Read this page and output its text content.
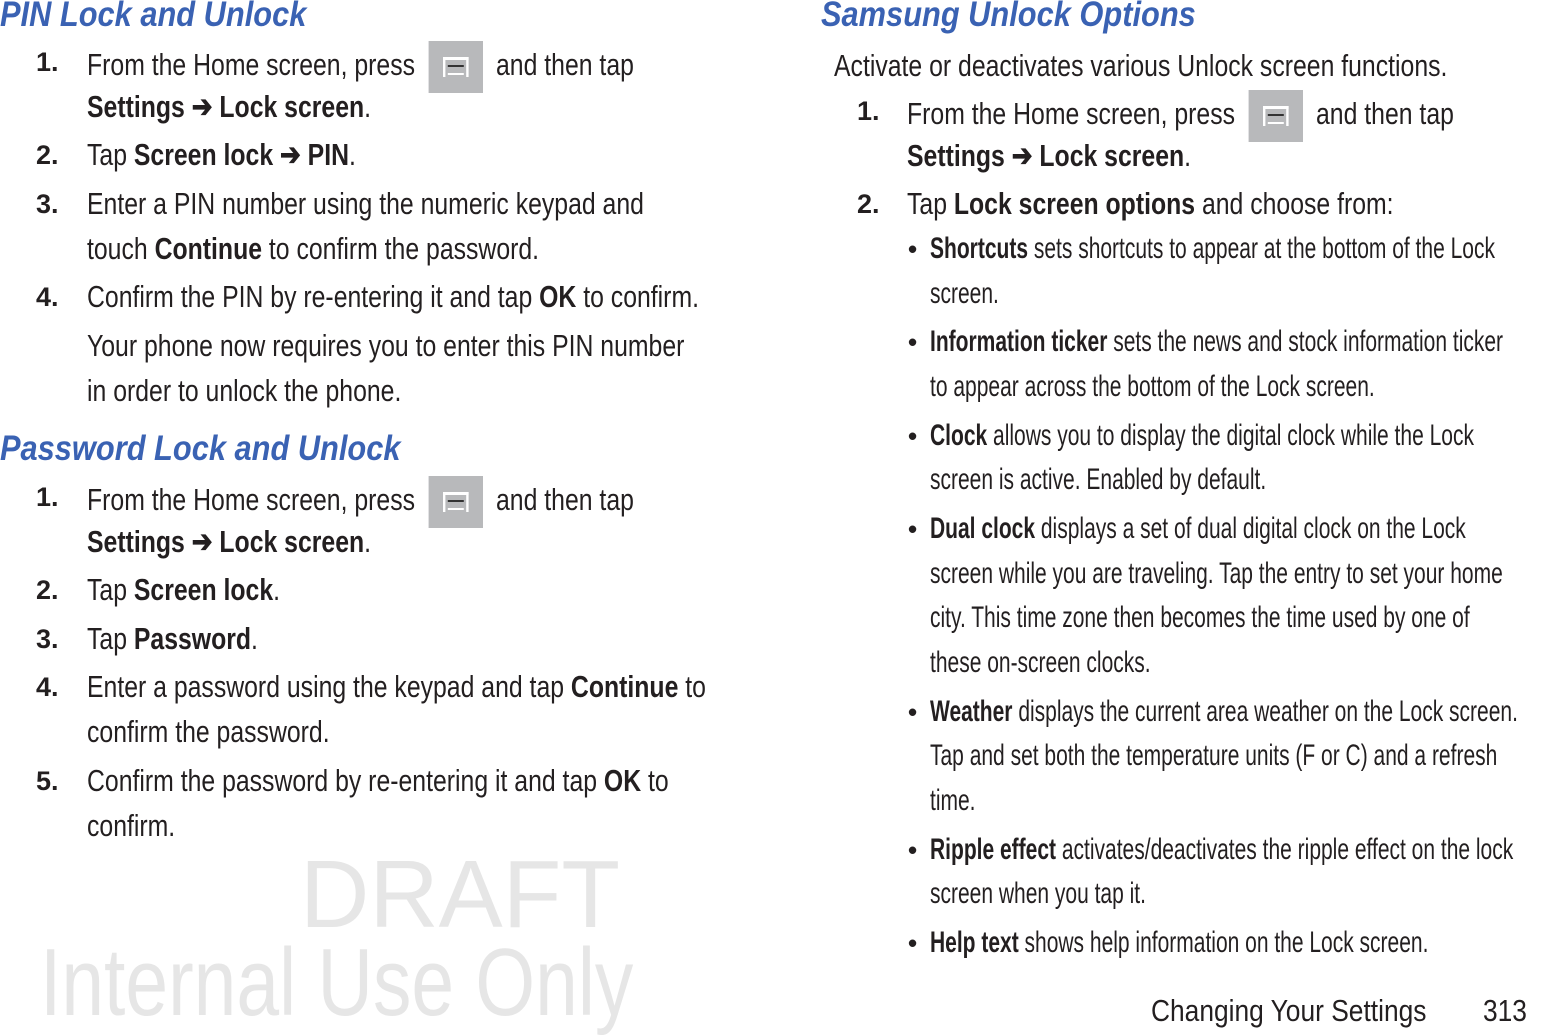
DRAFT
Internal Use Only
PIN Lock and Unlock
1. From the Home screen, press
and then tap
Settings ➔ Lock screen.
2. Tap Screen lock ➔ PIN.
3. Enter a PIN number using the numeric keypad and
touch Continue to confirm the password.
4. Confirm the PIN by re-entering it and tap OK to confirm.
Your phone now requires you to enter this PIN number
in order to unlock the phone.
Password Lock and Unlock
1. From the Home screen, press
and then tap
Settings ➔ Lock screen.
2. Tap Screen lock.
3. Tap Password.
4. Enter a password using the keypad and tap Continue to
confirm the password.
5. Confirm the password by re-entering it and tap OK to
confirm.
Samsung Unlock Options
Activate or deactivates various Unlock screen functions.
1. From the Home screen, press
and then tap
Settings ➔ Lock screen.
2. Tap Lock screen options and choose from:
• Shortcuts sets shortcuts to appear at the bottom of the Lock
screen.
• Information ticker sets the news and stock information ticker
to appear across the bottom of the Lock screen.
• Clock allows you to display the digital clock while the Lock
screen is active. Enabled by default.
• Dual clock displays a set of dual digital clock on the Lock
screen while you are traveling. Tap the entry to set your home
city. This time zone then becomes the time used by one of
these on-screen clocks.
• Weather displays the current area weather on the Lock screen.
Tap and set both the temperature units (F or C) and a refresh
time.
• Ripple effect activates/deactivates the ripple effect on the lock
screen when you tap it.
• Help text shows help information on the Lock screen.
Changing Your Settings 313
